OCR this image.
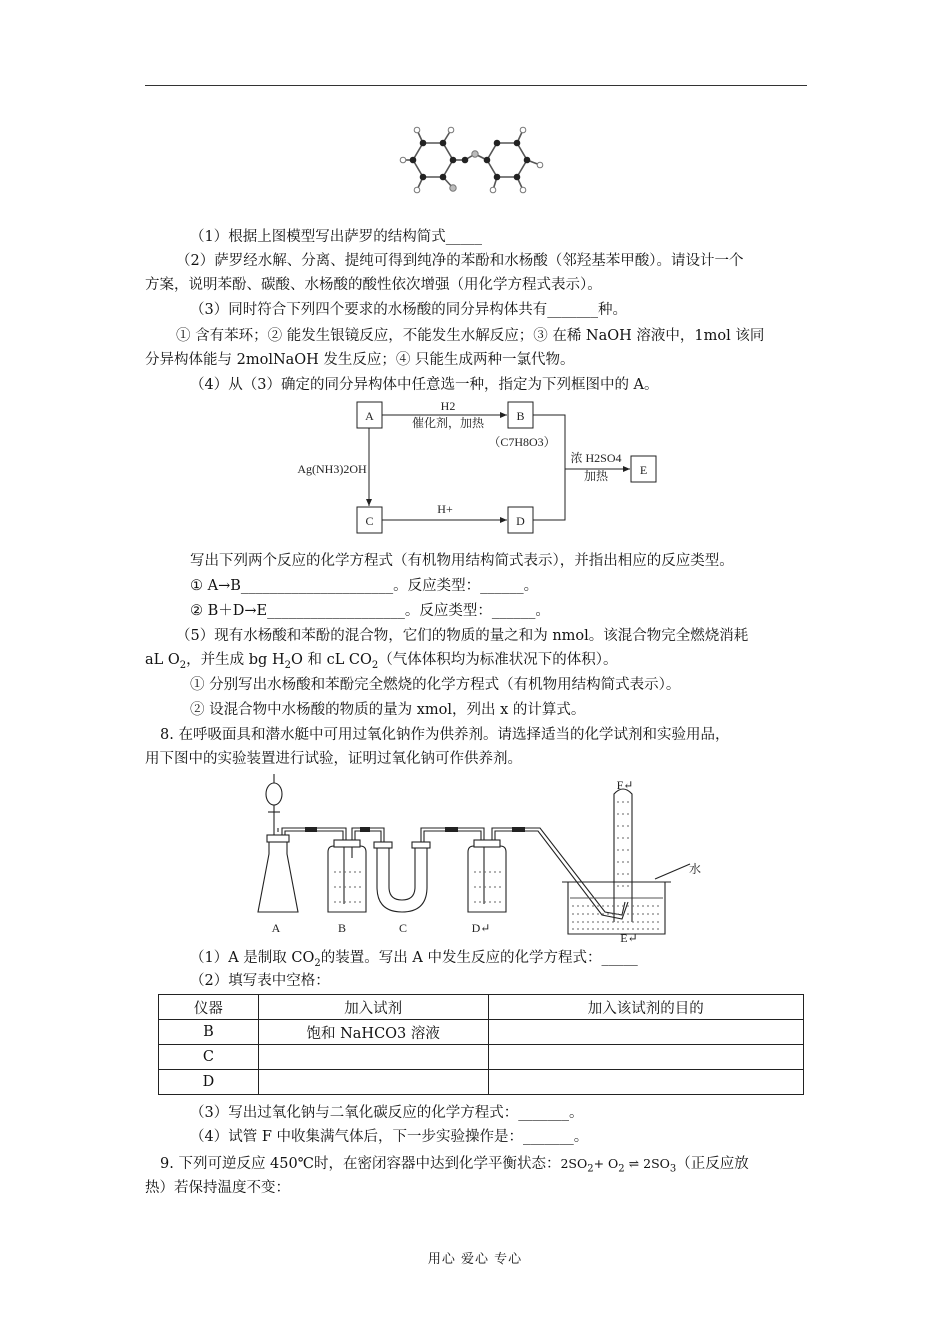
（1）根据上图模型写出萨罗的结构简式_____
（2）萨罗经水解、分离、提纯可得到纯净的苯酚和水杨酸（邻羟基苯甲酸）。请设计一个
方案，说明苯酚、碳酸、水杨酸的酸性依次增强（用化学方程式表示）。
（3）同时符合下列四个要求的水杨酸的同分异构体共有_______种。
① 含有苯环；② 能发生银镜反应，不能发生水解反应；③ 在稀 NaOH 溶液中，1mol 该同
分异构体能与 2molNaOH 发生反应；④ 只能生成两种一氯代物。
（4）从（3）确定的同分异构体中任意选一种，指定为下列框图中的 A。
A	B
C	D
E
H2
催化剂，加热
（C7H8O3）
Ag(NH3)2OH
H+
浓 H2SO4
加热
写出下列两个反应的化学方程式（有机物用结构简式表示），并指出相应的反应类型。
① A→B_____________________。反应类型：______。
② B＋D→E___________________。反应类型：______。
（5）现有水杨酸和苯酚的混合物，它们的物质的量之和为 nmol。该混合物完全燃烧消耗
aL $O_2$，并生成 bg $H_2O$ 和 cL $CO_2$（气体体积均为标准状况下的体积）。
① 分别写出水杨酸和苯酚完全燃烧的化学方程式（有机物用结构简式表示）。
② 设混合物中水杨酸的物质的量为 xmol，列出 x 的计算式。
8. 在呼吸面具和潜水艇中可用过氧化钠作为供养剂。请选择适当的化学试剂和实验用品，
用下图中的实验装置进行试验，证明过氧化钠可作供养剂。
A	B	C	D↵
E↵
F↵
水
（1）A 是制取 $CO_2$的装置。写出 A 中发生反应的化学方程式：_____
（2）填写表中空格：
仪器	加入试剂	加入该试剂的目的
B	饱和 NaHCO3 溶液	
C		
D		
（3）写出过氧化钠与二氧化碳反应的化学方程式：_______。
（4）试管 F 中收集满气体后，下一步实验操作是：_______。
9. 下列可逆反应 450℃时，在密闭容器中达到化学平衡状态：$2SO_2+ O_2$ ⇌ $2SO_3$（正反应放
热）若保持温度不变：
用心 爱心 专心
